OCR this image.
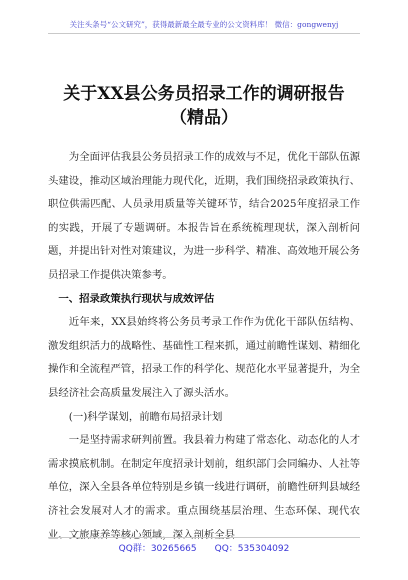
关注头条号“公文研究”，获得最新最全最专业的公文资料库！ 微信：gongwenyj
关于XX县公务员招录工作的调研报告
（精品）

为全面评估我县公务员招录工作的成效与不足，优化干部队伍源头建设，推动区域治理能力现代化，近期，我们围绕招录政策执行、职位供需匹配、人员录用质量等关键环节，结合2025年度招录工作的实践，开展了专题调研。本报告旨在系统梳理现状，深入剖析问题，并提出针对性对策建议，为进一步科学、精准、高效地开展公务员招录工作提供决策参考。

一、招录政策执行现状与成效评估

近年来，XX县始终将公务员考录工作作为优化干部队伍结构、激发组织活力的战略性、基础性工程来抓，通过前瞻性谋划、精细化操作和全流程严管，招录工作的科学化、规范化水平显著提升，为全县经济社会高质量发展注入了源头活水。

(一)科学谋划，前瞻布局招录计划

一是坚持需求研判前置。我县着力构建了常态化、动态化的人才需求摸底机制。在制定年度招录计划前，组织部门会同编办、人社等单位，深入全县各单位特别是乡镇一线进行调研，前瞻性研判县域经济社会发展对人才的需求。重点围绕基层治理、生态环保、现代农业、文旅康养等核心领域，深入剖析全县

QQ群：30265665 QQ：535304092
